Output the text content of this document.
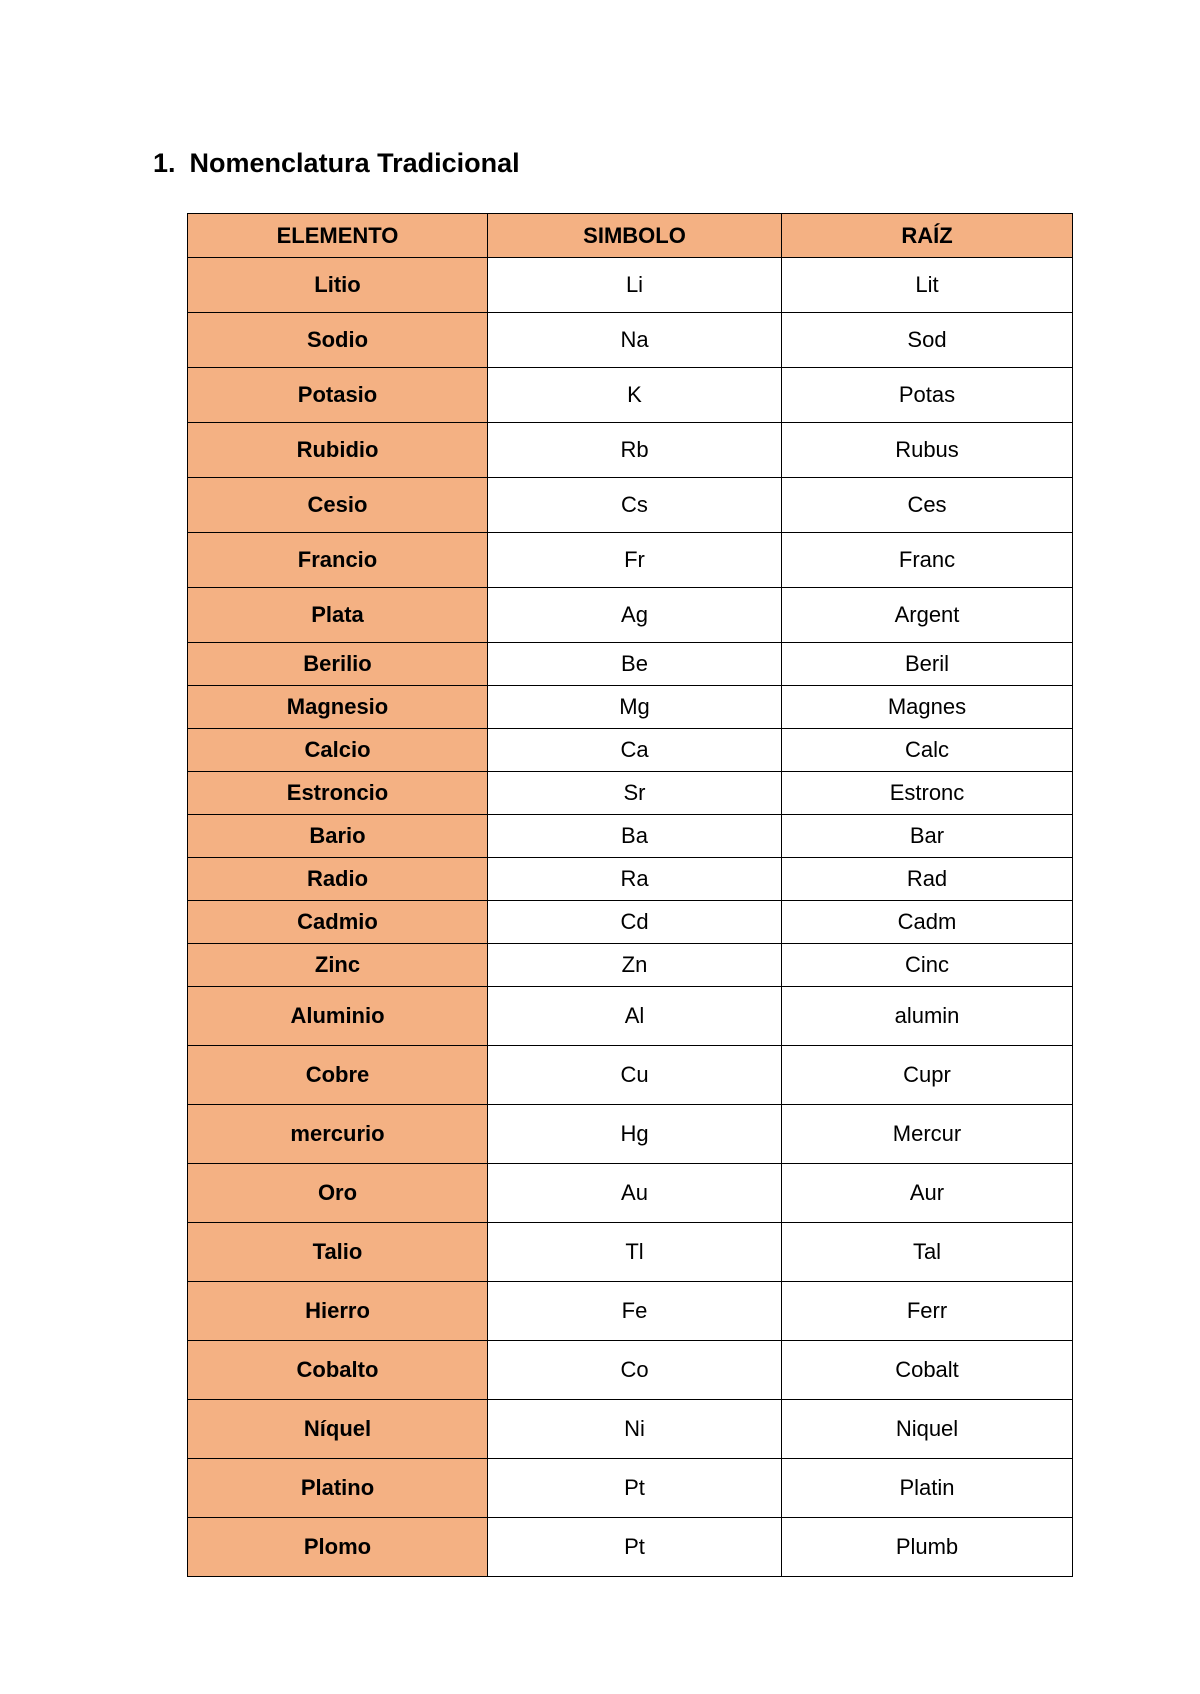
1. Nomenclatura Tradicional
ELEMENTO	SIMBOLO	RAÍZ
Litio	Li	Lit
Sodio	Na	Sod
Potasio	K	Potas
Rubidio	Rb	Rubus
Cesio	Cs	Ces
Francio	Fr	Franc
Plata	Ag	Argent
Berilio	Be	Beril
Magnesio	Mg	Magnes
Calcio	Ca	Calc
Estroncio	Sr	Estronc
Bario	Ba	Bar
Radio	Ra	Rad
Cadmio	Cd	Cadm
Zinc	Zn	Cinc
Aluminio	Al	alumin
Cobre	Cu	Cupr
mercurio	Hg	Mercur
Oro	Au	Aur
Talio	Tl	Tal
Hierro	Fe	Ferr
Cobalto	Co	Cobalt
Níquel	Ni	Niquel
Platino	Pt	Platin
Plomo	Pt	Plumb
